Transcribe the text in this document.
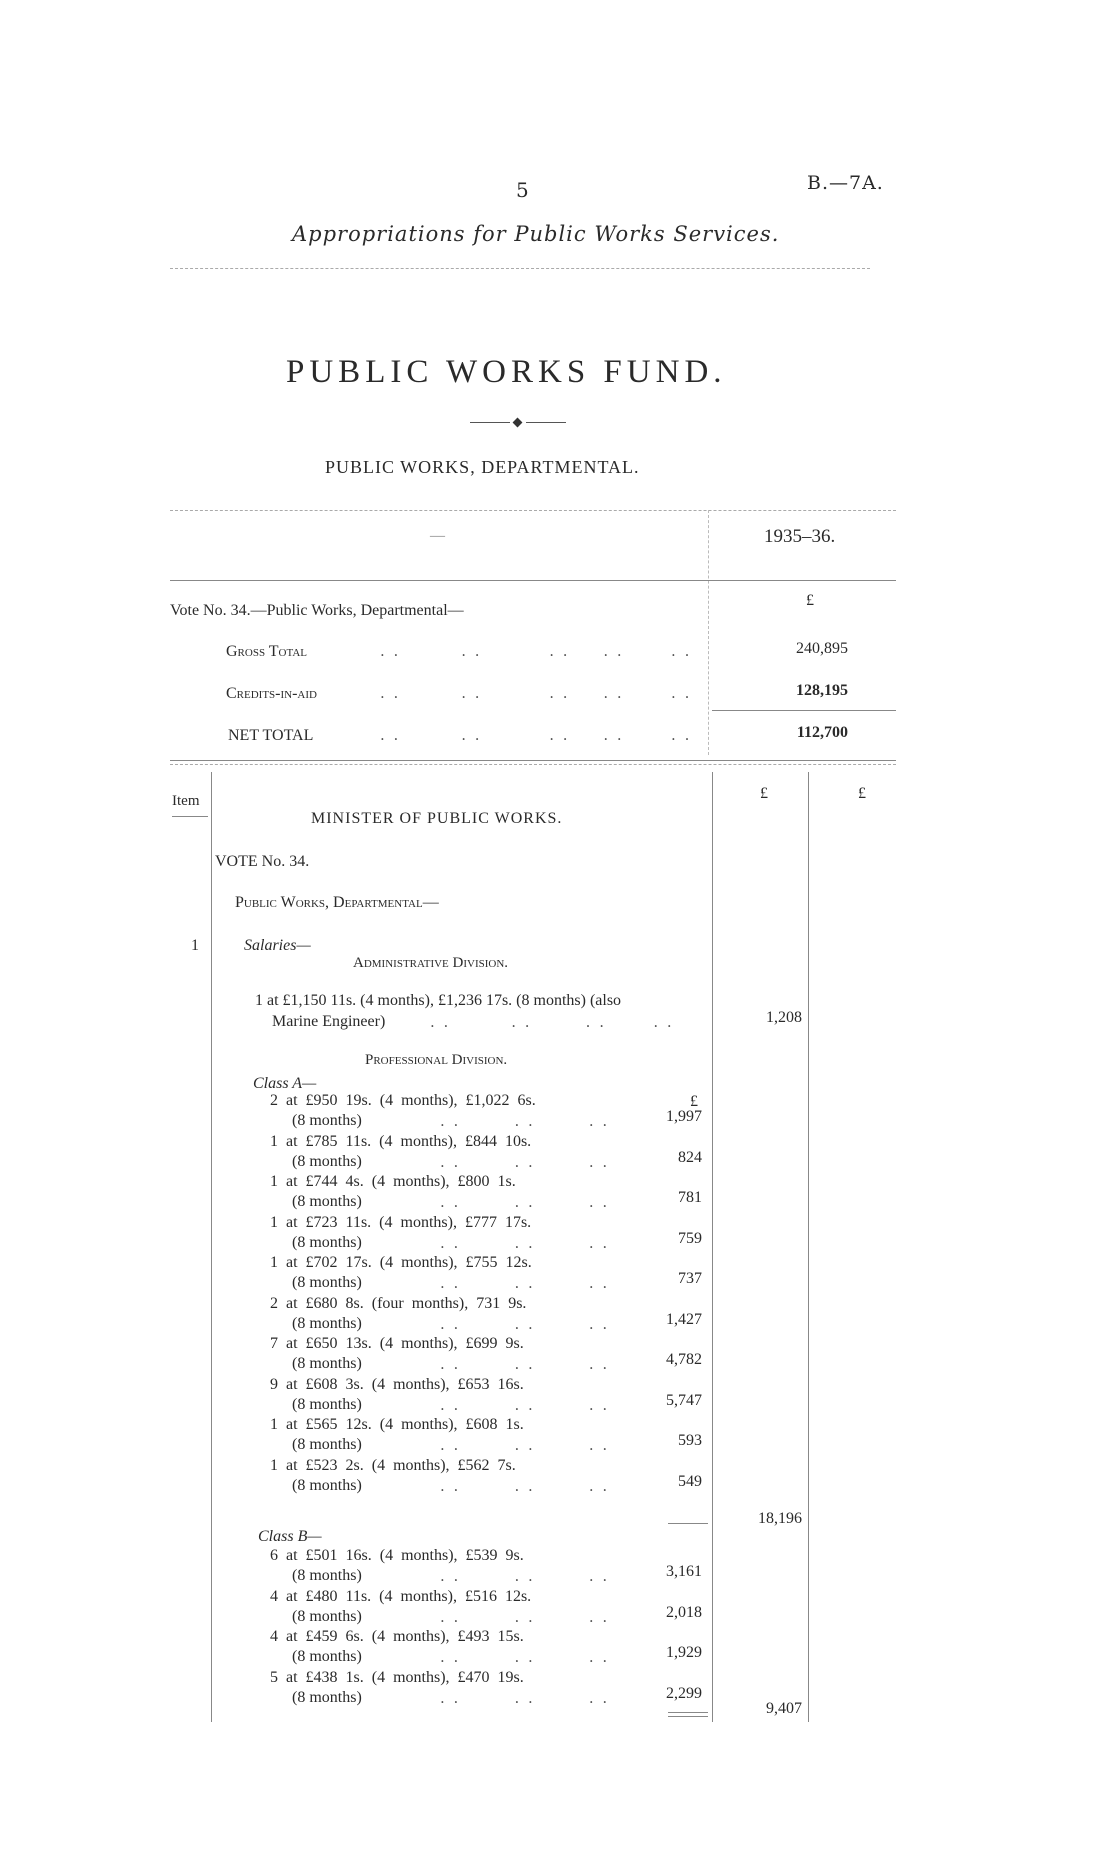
5	B.—7A.
Appropriations for Public Works Services.
PUBLIC WORKS FUND.
PUBLIC WORKS, DEPARTMENTAL.
—	1935–36.
Vote No. 34.—Public Works, Departmental—
£
Gross Total	. .         . .          . .     . .       . .	240,895
Credits-in-aid	. .         . .          . .     . .       . .	128,195
NET TOTAL	. .         . .          . .     . .       . .	112,700
Item	£	£
MINISTER OF PUBLIC WORKS.
VOTE No. 34.
Public Works, Departmental—
1	Salaries—
Administrative Division.
1 at £1,150 11s. (4 months), £1,236 17s. (8 months) (also
Marine Engineer)	. .         . .        . .       . .	1,208
Professional Division.
Class A—
£
2  at  £950  19s.  (4  months),  £1,022  6s.
(8 months)	. .        . .        . .	1,997
1  at  £785  11s.  (4  months),  £844  10s.
(8 months)	. .        . .        . .	824
1  at  £744  4s.  (4  months),  £800  1s.
(8 months)	. .        . .        . .	781
1  at  £723  11s.  (4  months),  £777  17s.
(8 months)	. .        . .        . .	759
1  at  £702  17s.  (4  months),  £755  12s.
(8 months)	. .        . .        . .	737
2  at  £680  8s.  (four  months),  731  9s.
(8 months)	. .        . .        . .	1,427
7  at  £650  13s.  (4  months),  £699  9s.
(8 months)	. .        . .        . .	4,782
9  at  £608  3s.  (4  months),  £653  16s.
(8 months)	. .        . .        . .	5,747
1  at  £565  12s.  (4  months),  £608  1s.
(8 months)	. .        . .        . .	593
1  at  £523  2s.  (4  months),  £562  7s.
(8 months)	. .        . .        . .	549
18,196
Class B—
6  at  £501  16s.  (4  months),  £539  9s.
(8 months)	. .        . .        . .	3,161
4  at  £480  11s.  (4  months),  £516  12s.
(8 months)	. .        . .        . .	2,018
4  at  £459  6s.  (4  months),  £493  15s.
(8 months)	. .        . .        . .	1,929
5  at  £438  1s.  (4  months),  £470  19s.
(8 months)	. .        . .        . .	2,299
9,407
